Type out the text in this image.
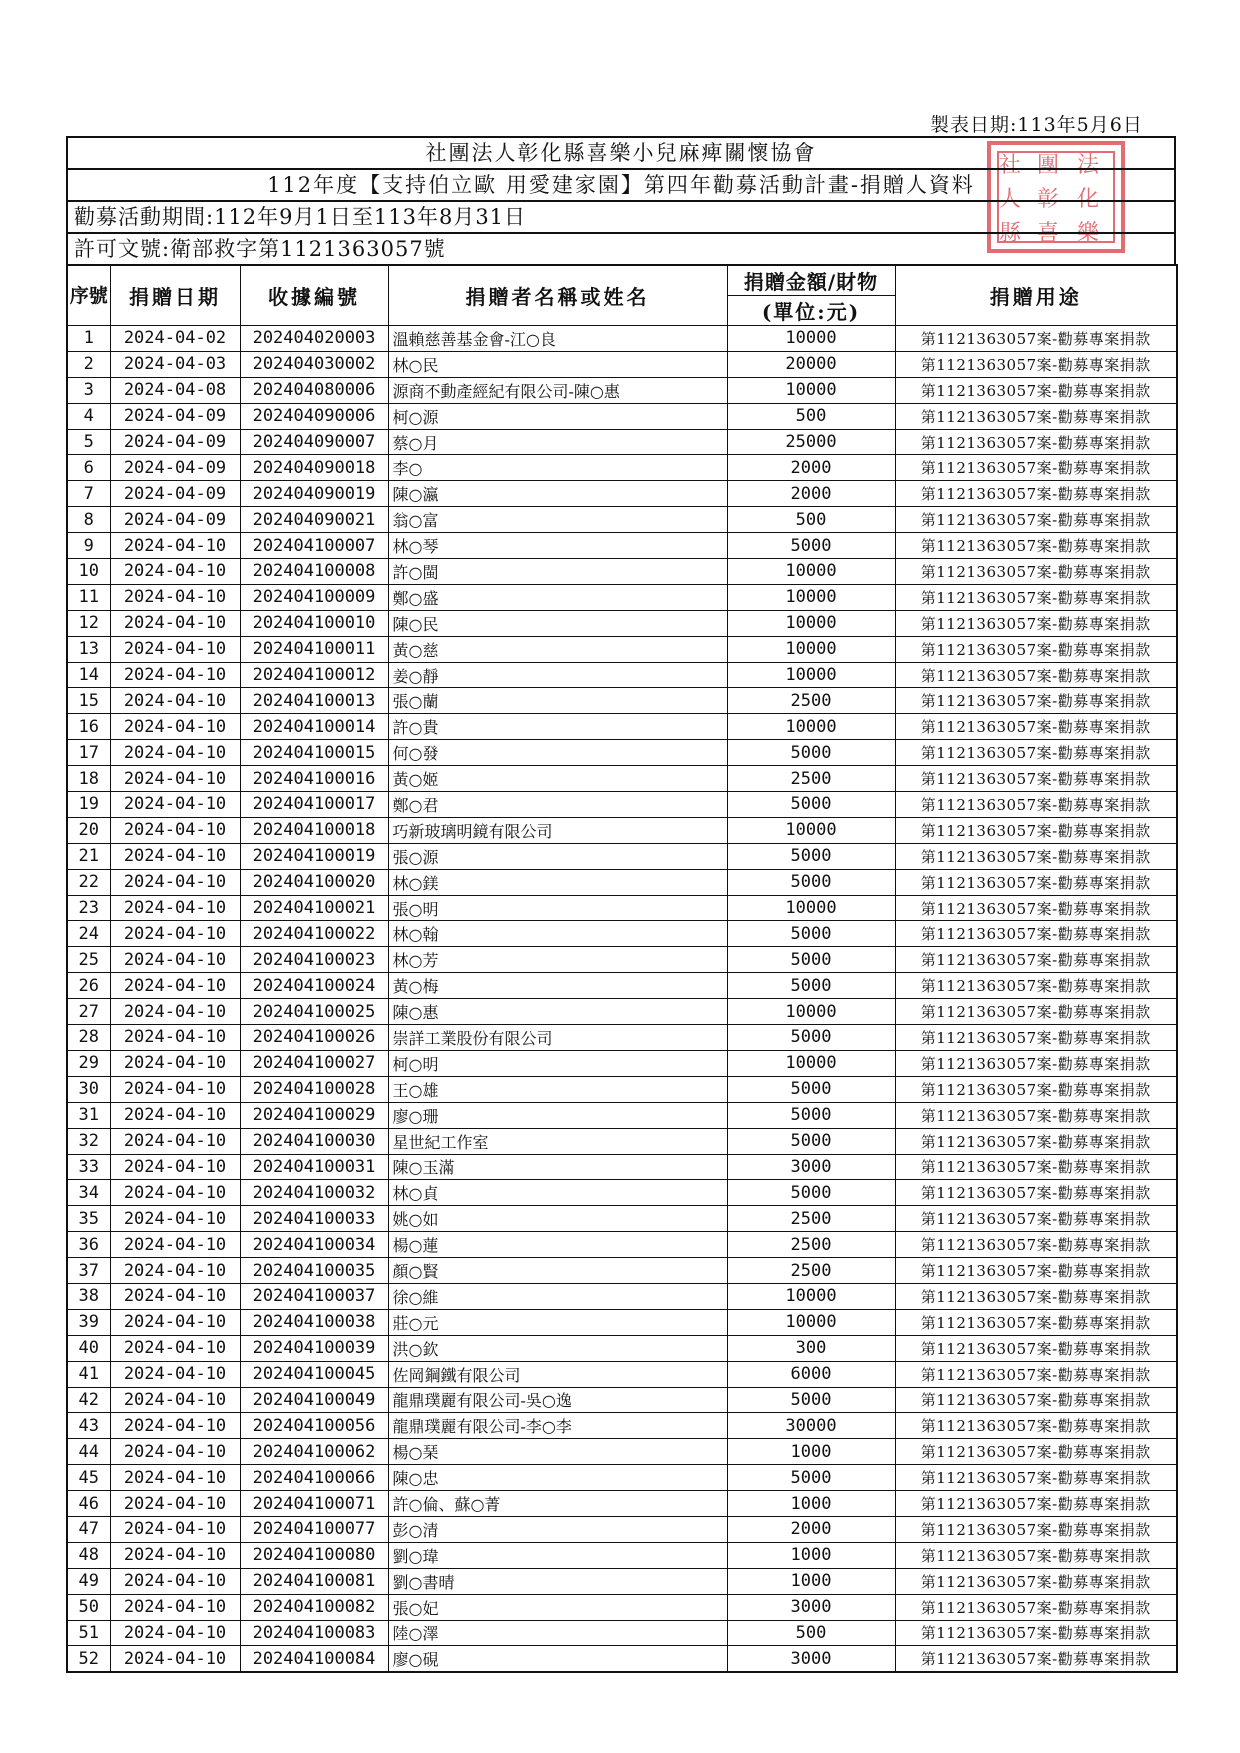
製表日期:113年5月6日
社 團 法
人 彰 化
縣 喜 樂
社團法人彰化縣喜樂小兒麻痺關懷協會
112年度【支持伯立歐 用愛建家園】第四年勸募活動計畫-捐贈人資料
勸募活動期間:112年9月1日至113年8月31日
許可文號:衛部救字第1121363057號
序號	捐贈日期	收據編號	捐贈者名稱或姓名	捐贈金額/財物	捐贈用途
				(單位:元)	
1	2024-04-02	202404020003	溫賴慈善基金會-江○良	10000	第1121363057案-勸募專案捐款
2	2024-04-03	202404030002	林○民	20000	第1121363057案-勸募專案捐款
3	2024-04-08	202404080006	源商不動產經紀有限公司-陳○惠	10000	第1121363057案-勸募專案捐款
4	2024-04-09	202404090006	柯○源	500	第1121363057案-勸募專案捐款
5	2024-04-09	202404090007	蔡○月	25000	第1121363057案-勸募專案捐款
6	2024-04-09	202404090018	李○	2000	第1121363057案-勸募專案捐款
7	2024-04-09	202404090019	陳○瀛	2000	第1121363057案-勸募專案捐款
8	2024-04-09	202404090021	翁○富	500	第1121363057案-勸募專案捐款
9	2024-04-10	202404100007	林○琴	5000	第1121363057案-勸募專案捐款
10	2024-04-10	202404100008	許○閩	10000	第1121363057案-勸募專案捐款
11	2024-04-10	202404100009	鄭○盛	10000	第1121363057案-勸募專案捐款
12	2024-04-10	202404100010	陳○民	10000	第1121363057案-勸募專案捐款
13	2024-04-10	202404100011	黃○慈	10000	第1121363057案-勸募專案捐款
14	2024-04-10	202404100012	姜○靜	10000	第1121363057案-勸募專案捐款
15	2024-04-10	202404100013	張○蘭	2500	第1121363057案-勸募專案捐款
16	2024-04-10	202404100014	許○貴	10000	第1121363057案-勸募專案捐款
17	2024-04-10	202404100015	何○發	5000	第1121363057案-勸募專案捐款
18	2024-04-10	202404100016	黃○姬	2500	第1121363057案-勸募專案捐款
19	2024-04-10	202404100017	鄭○君	5000	第1121363057案-勸募專案捐款
20	2024-04-10	202404100018	巧新玻璃明鏡有限公司	10000	第1121363057案-勸募專案捐款
21	2024-04-10	202404100019	張○源	5000	第1121363057案-勸募專案捐款
22	2024-04-10	202404100020	林○鎂	5000	第1121363057案-勸募專案捐款
23	2024-04-10	202404100021	張○明	10000	第1121363057案-勸募專案捐款
24	2024-04-10	202404100022	林○翰	5000	第1121363057案-勸募專案捐款
25	2024-04-10	202404100023	林○芳	5000	第1121363057案-勸募專案捐款
26	2024-04-10	202404100024	黃○梅	5000	第1121363057案-勸募專案捐款
27	2024-04-10	202404100025	陳○惠	10000	第1121363057案-勸募專案捐款
28	2024-04-10	202404100026	崇詳工業股份有限公司	5000	第1121363057案-勸募專案捐款
29	2024-04-10	202404100027	柯○明	10000	第1121363057案-勸募專案捐款
30	2024-04-10	202404100028	王○雄	5000	第1121363057案-勸募專案捐款
31	2024-04-10	202404100029	廖○珊	5000	第1121363057案-勸募專案捐款
32	2024-04-10	202404100030	星世紀工作室	5000	第1121363057案-勸募專案捐款
33	2024-04-10	202404100031	陳○玉滿	3000	第1121363057案-勸募專案捐款
34	2024-04-10	202404100032	林○貞	5000	第1121363057案-勸募專案捐款
35	2024-04-10	202404100033	姚○如	2500	第1121363057案-勸募專案捐款
36	2024-04-10	202404100034	楊○蓮	2500	第1121363057案-勸募專案捐款
37	2024-04-10	202404100035	顏○賢	2500	第1121363057案-勸募專案捐款
38	2024-04-10	202404100037	徐○維	10000	第1121363057案-勸募專案捐款
39	2024-04-10	202404100038	莊○元	10000	第1121363057案-勸募專案捐款
40	2024-04-10	202404100039	洪○欽	300	第1121363057案-勸募專案捐款
41	2024-04-10	202404100045	佐岡鋼鐵有限公司	6000	第1121363057案-勸募專案捐款
42	2024-04-10	202404100049	龍鼎璞麗有限公司-吳○逸	5000	第1121363057案-勸募專案捐款
43	2024-04-10	202404100056	龍鼎璞麗有限公司-李○李	30000	第1121363057案-勸募專案捐款
44	2024-04-10	202404100062	楊○琹	1000	第1121363057案-勸募專案捐款
45	2024-04-10	202404100066	陳○忠	5000	第1121363057案-勸募專案捐款
46	2024-04-10	202404100071	許○倫、蘇○菁	1000	第1121363057案-勸募專案捐款
47	2024-04-10	202404100077	彭○清	2000	第1121363057案-勸募專案捐款
48	2024-04-10	202404100080	劉○瑋	1000	第1121363057案-勸募專案捐款
49	2024-04-10	202404100081	劉○書晴	1000	第1121363057案-勸募專案捐款
50	2024-04-10	202404100082	張○妃	3000	第1121363057案-勸募專案捐款
51	2024-04-10	202404100083	陸○澤	500	第1121363057案-勸募專案捐款
52	2024-04-10	202404100084	廖○硯	3000	第1121363057案-勸募專案捐款
